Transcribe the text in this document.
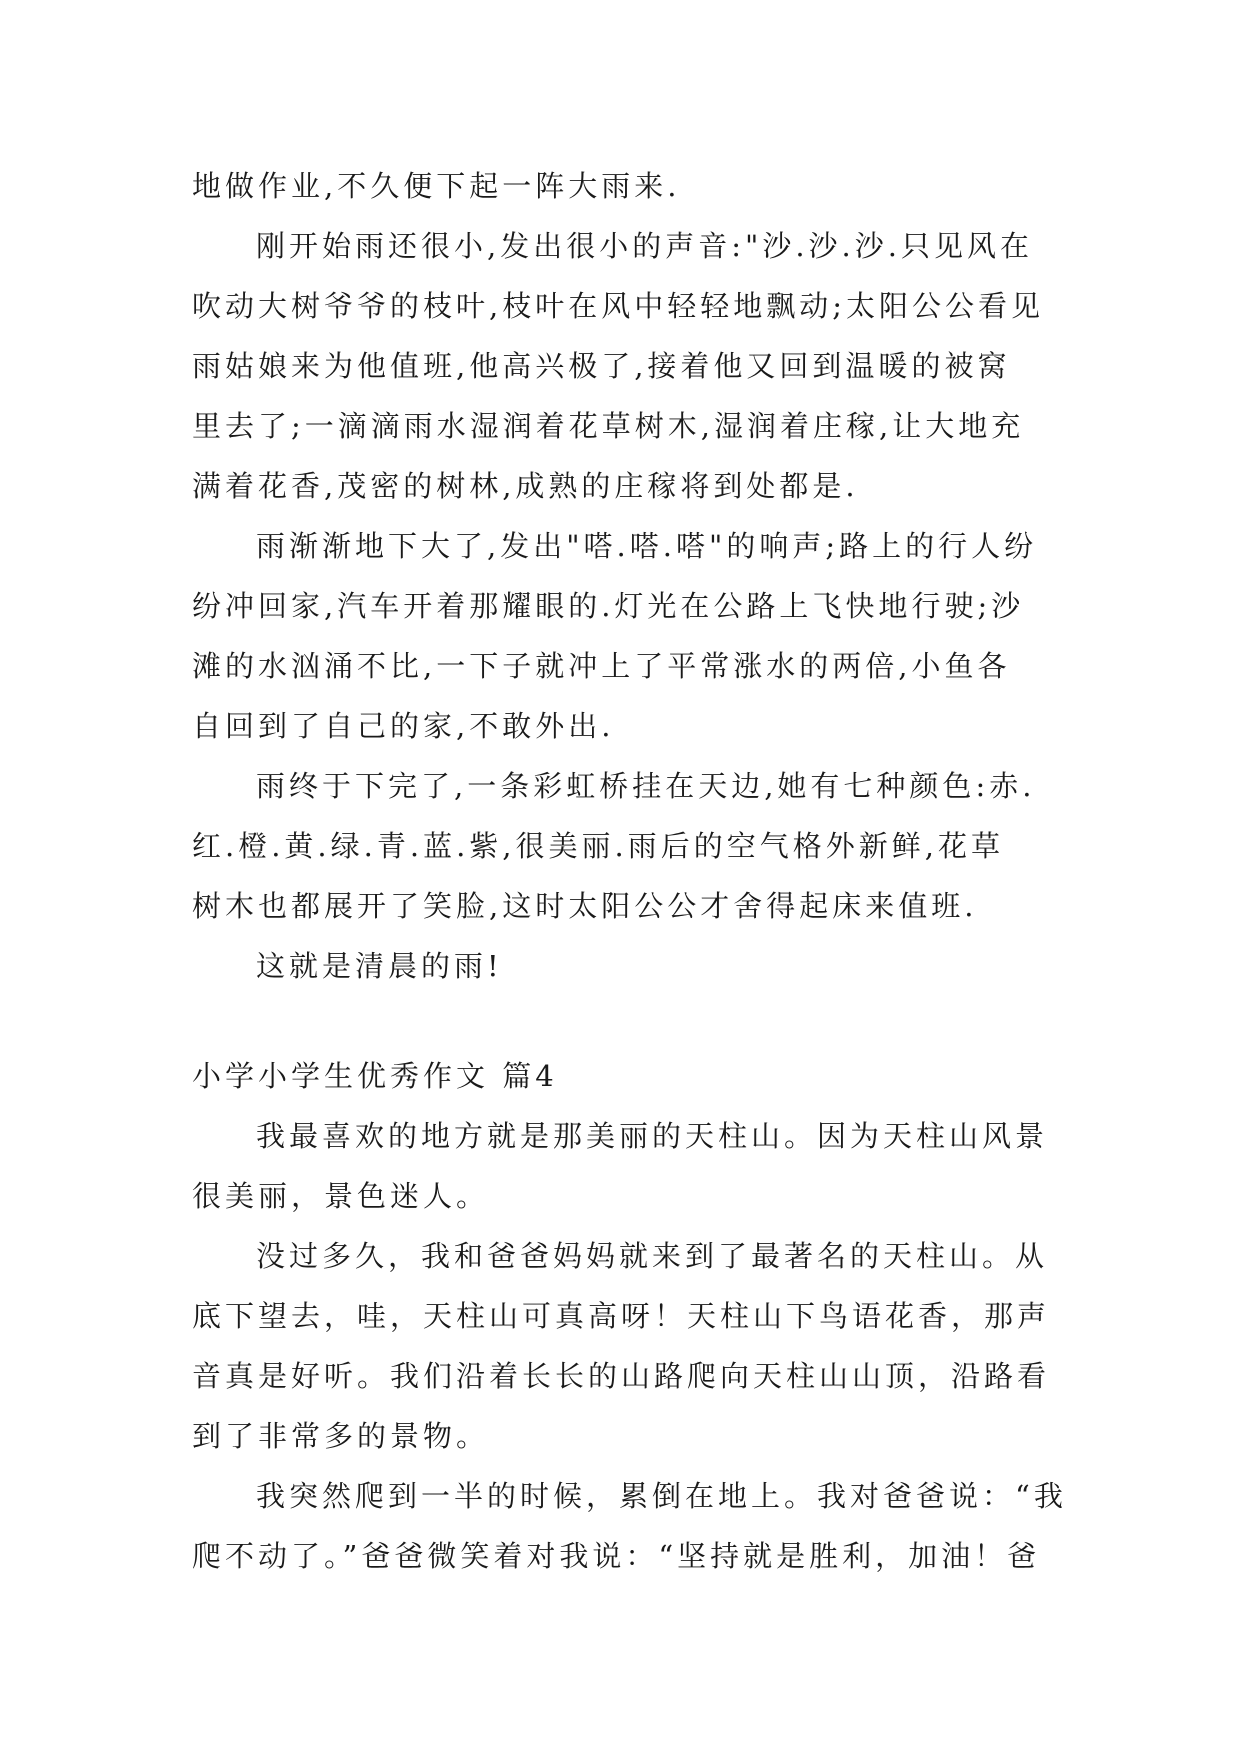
地做作业,不久便下起一阵大雨来.
刚开始雨还很小,发出很小的声音:"沙.沙.沙.只见风在
吹动大树爷爷的枝叶,枝叶在风中轻轻地飘动;太阳公公看见
雨姑娘来为他值班,他高兴极了,接着他又回到温暖的被窝
里去了;一滴滴雨水湿润着花草树木,湿润着庄稼,让大地充
满着花香,茂密的树林,成熟的庄稼将到处都是.
雨渐渐地下大了,发出"嗒.嗒.嗒"的响声;路上的行人纷
纷冲回家,汽车开着那耀眼的.灯光在公路上飞快地行驶;沙
滩的水汹涌不比,一下子就冲上了平常涨水的两倍,小鱼各
自回到了自己的家,不敢外出.
雨终于下完了,一条彩虹桥挂在天边,她有七种颜色:赤.
红.橙.黄.绿.青.蓝.紫,很美丽.雨后的空气格外新鲜,花草
树木也都展开了笑脸,这时太阳公公才舍得起床来值班.
这就是清晨的雨!
小学小学生优秀作文 篇4
我最喜欢的地方就是那美丽的天柱山。因为天柱山风景
很美丽，景色迷人。
没过多久，我和爸爸妈妈就来到了最著名的天柱山。从
底下望去，哇，天柱山可真高呀！天柱山下鸟语花香，那声
音真是好听。我们沿着长长的山路爬向天柱山山顶，沿路看
到了非常多的景物。
我突然爬到一半的时候，累倒在地上。我对爸爸说：“我
爬不动了。”爸爸微笑着对我说：“坚持就是胜利，加油！爸
